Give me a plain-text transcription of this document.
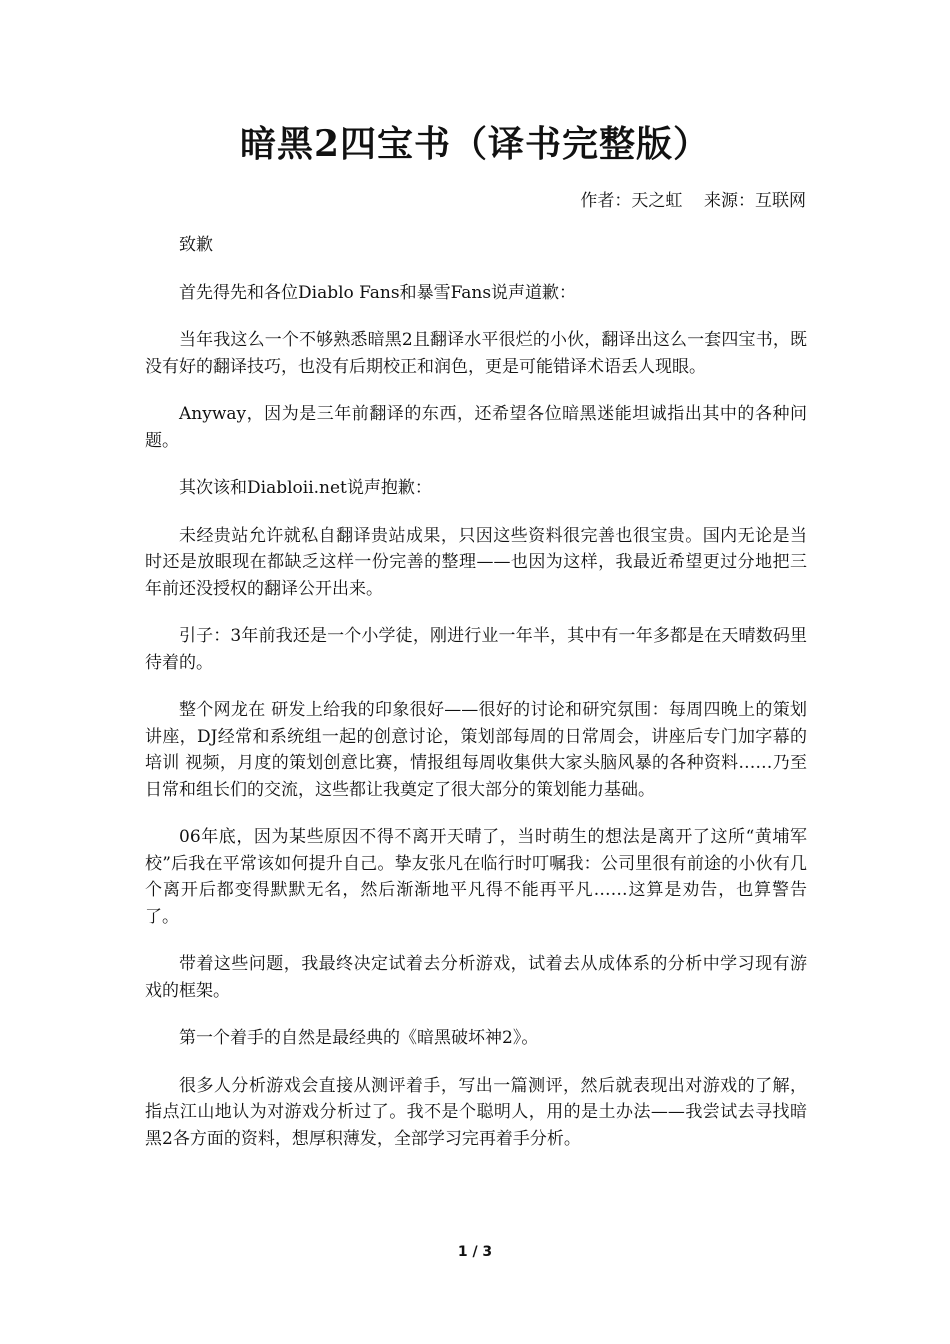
暗黑2四宝书（译书完整版）
作者：天之虹    来源：互联网

致歉

首先得先和各位Diablo Fans和暴雪Fans说声道歉：

当年我这么一个不够熟悉暗黑2且翻译水平很烂的小伙，翻译出这么一套四宝书，既没有好的翻译技巧，也没有后期校正和润色，更是可能错译术语丢人现眼。

Anyway，因为是三年前翻译的东西，还希望各位暗黑迷能坦诚指出其中的各种问题。

其次该和Diabloii.net说声抱歉：

未经贵站允许就私自翻译贵站成果，只因这些资料很完善也很宝贵。国内无论是当时还是放眼现在都缺乏这样一份完善的整理——也因为这样，我最近希望更过分地把三年前还没授权的翻译公开出来。

引子：3年前我还是一个小学徒，刚进行业一年半，其中有一年多都是在天晴数码里待着的。

整个网龙在 研发上给我的印象很好——很好的讨论和研究氛围：每周四晚上的策划讲座，DJ经常和系统组一起的创意讨论，策划部每周的日常周会，讲座后专门加字幕的培训 视频，月度的策划创意比赛，情报组每周收集供大家头脑风暴的各种资料……乃至日常和组长们的交流，这些都让我奠定了很大部分的策划能力基础。

06年底，因为某些原因不得不离开天晴了，当时萌生的想法是离开了这所“黄埔军校”后我在平常该如何提升自己。挚友张凡在临行时叮嘱我：公司里很有前途的小伙有几个离开后都变得默默无名，然后渐渐地平凡得不能再平凡……这算是劝告，也算警告了。

带着这些问题，我最终决定试着去分析游戏，试着去从成体系的分析中学习现有游戏的框架。

第一个着手的自然是最经典的《暗黑破坏神2》。

很多人分析游戏会直接从测评着手，写出一篇测评，然后就表现出对游戏的了解，指点江山地认为对游戏分析过了。我不是个聪明人，用的是土办法——我尝试去寻找暗黑2各方面的资料，想厚积薄发，全部学习完再着手分析。

1 / 3
